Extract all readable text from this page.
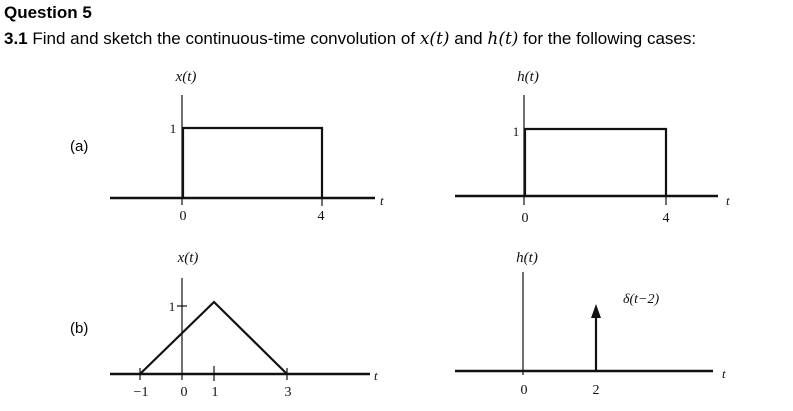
Question 5
3.1 Find and sketch the continuous-time convolution of x(t) and h(t) for the following cases:
(a)
(b)
x(t)
1
0	4
t
h(t)
1
0	4
t
x(t)
1
−1 0 1	3
t
h(t)
δ(t−2)
0	2
t
